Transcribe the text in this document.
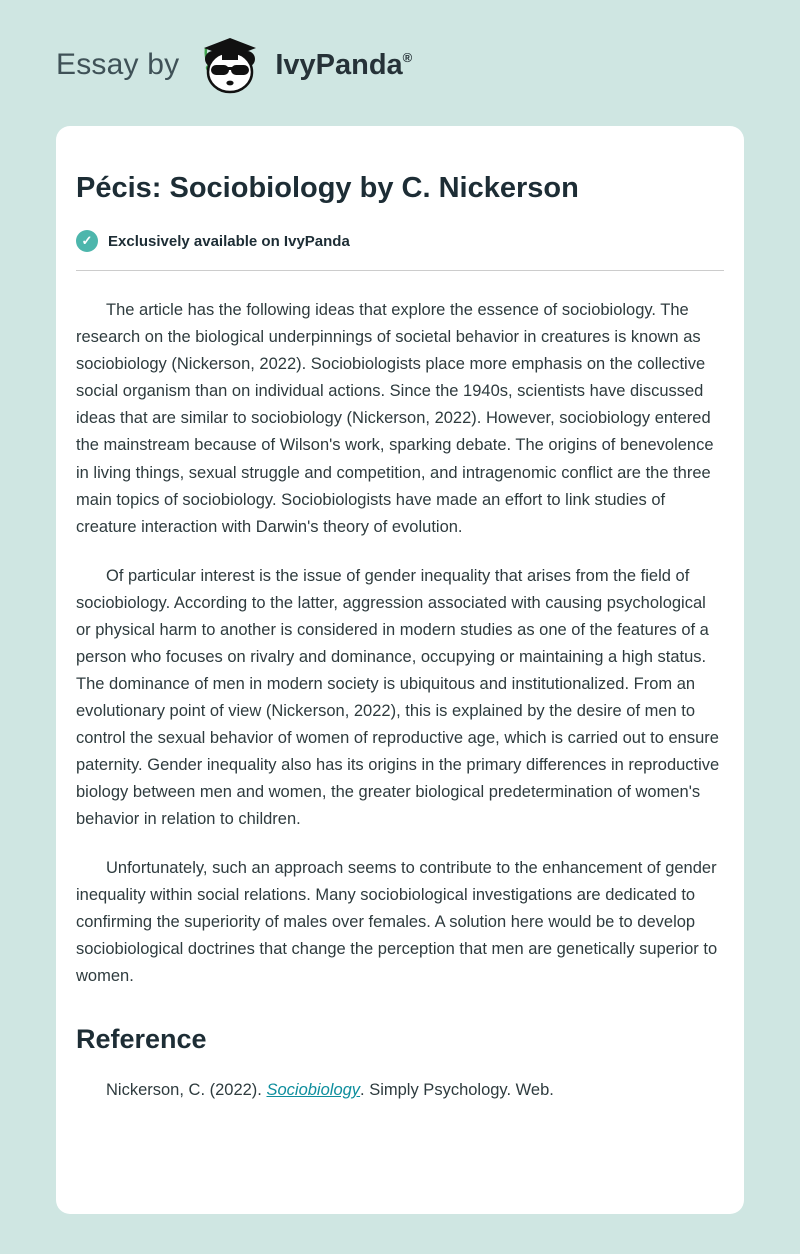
Essay by	IvyPanda ®
Pécis: Sociobiology by C. Nickerson
✓	Exclusively available on IvyPanda

The article has the following ideas that explore the essence of sociobiology. The research on the biological underpinnings of societal behavior in creatures is known as sociobiology (Nickerson, 2022). Sociobiologists place more emphasis on the collective social organism than on individual actions. Since the 1940s, scientists have discussed ideas that are similar to sociobiology (Nickerson, 2022). However, sociobiology entered the mainstream because of Wilson's work, sparking debate. The origins of benevolence in living things, sexual struggle and competition, and intragenomic conflict are the three main topics of sociobiology. Sociobiologists have made an effort to link studies of creature interaction with Darwin's theory of evolution.

Of particular interest is the issue of gender inequality that arises from the field of sociobiology. According to the latter, aggression associated with causing psychological or physical harm to another is considered in modern studies as one of the features of a person who focuses on rivalry and dominance, occupying or maintaining a high status. The dominance of men in modern society is ubiquitous and institutionalized. From an evolutionary point of view (Nickerson, 2022), this is explained by the desire of men to control the sexual behavior of women of reproductive age, which is carried out to ensure paternity. Gender inequality also has its origins in the primary differences in reproductive biology between men and women, the greater biological predetermination of women's behavior in relation to children.

Unfortunately, such an approach seems to contribute to the enhancement of gender inequality within social relations. Many sociobiological investigations are dedicated to confirming the superiority of males over females. A solution here would be to develop sociobiological doctrines that change the perception that men are genetically superior to women.

Reference

Nickerson, C. (2022). Sociobiology. Simply Psychology. Web.
